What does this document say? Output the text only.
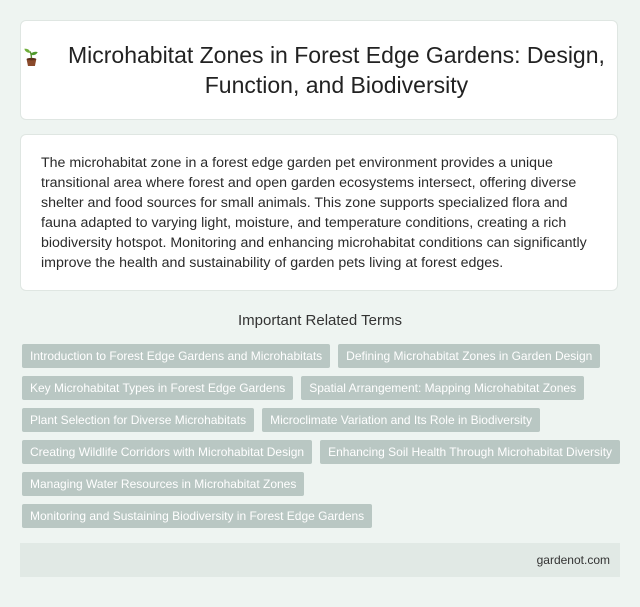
Microhabitat Zones in Forest Edge Gardens: Design, Function, and Biodiversity

The microhabitat zone in a forest edge garden pet environment provides a unique transitional area where forest and open garden ecosystems intersect, offering diverse shelter and food sources for small animals. This zone supports specialized flora and fauna adapted to varying light, moisture, and temperature conditions, creating a rich biodiversity hotspot. Monitoring and enhancing microhabitat conditions can significantly improve the health and sustainability of garden pets living at forest edges.

Important Related Terms
Introduction to Forest Edge Gardens and Microhabitats	Defining Microhabitat Zones in Garden Design
Key Microhabitat Types in Forest Edge Gardens	Spatial Arrangement: Mapping Microhabitat Zones
Plant Selection for Diverse Microhabitats	Microclimate Variation and Its Role in Biodiversity
Creating Wildlife Corridors with Microhabitat Design	Enhancing Soil Health Through Microhabitat Diversity
Managing Water Resources in Microhabitat Zones
Monitoring and Sustaining Biodiversity in Forest Edge Gardens
gardenot.com
